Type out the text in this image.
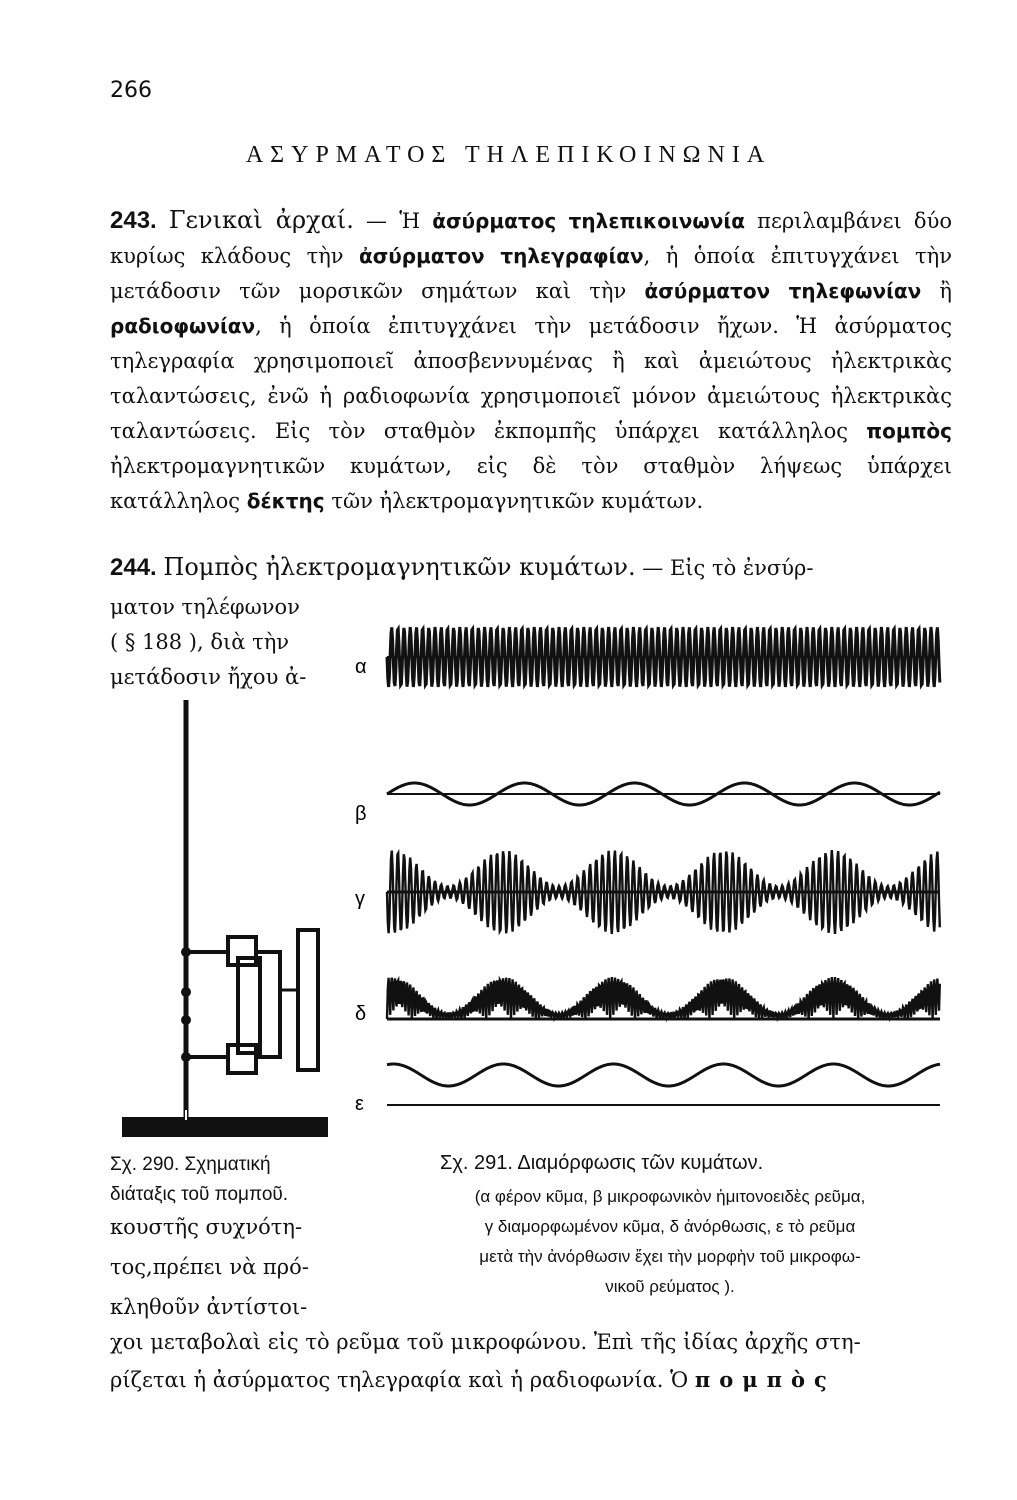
266
ΑΣΥΡΜΑΤΟΣ ΤΗΛΕΠΙΚΟΙΝΩΝΙΑ
243. Γενικαὶ ἀρχαί. — Ἡ ἀσύρματος τηλεπικοινωνία περιλαμβάνει δύο κυρίως κλάδους τὴν ἀσύρματον τηλεγραφίαν, ἡ ὁποία ἐπιτυγχάνει τὴν μετάδοσιν τῶν μορσικῶν σημάτων καὶ τὴν ἀσύρματον τηλεφωνίαν ἢ ραδιοφωνίαν, ἡ ὁποία ἐπιτυγχάνει τὴν μετάδοσιν ἤχων. Ἡ ἀσύρματος τηλεγραφία χρησιμοποιεῖ ἀποσβεννυμένας ἢ καὶ ἀμειώτους ἠλεκτρικὰς ταλαντώσεις, ἐνῶ ἡ ραδιοφωνία χρησιμοποιεῖ μόνον ἀμειώτους ἠλεκτρικὰς ταλαντώσεις. Εἰς τὸν σταθμὸν ἐκπομπῆς ὑπάρχει κατάλληλος πομπὸς ἠλεκτρομαγνητικῶν κυμάτων, εἰς δὲ τὸν σταθμὸν λήψεως ὑπάρχει κατάλληλος δέκτης τῶν ἠλεκτρομαγνητικῶν κυμάτων.
244. Πομπὸς ἠλεκτρομαγνητικῶν κυμάτων. — Εἰς τὸ ἐνσύρ-
ματον τηλέφωνον
( § 188 ), διὰ τὴν
μετάδοσιν ἤχου ἀ- α
β
γ
δ
ε
Σχ. 290. Σχηματική
διάταξις τοῦ πομποῦ.
Σχ. 291. Διαμόρφωσις τῶν κυμάτων.
(α φέρον κῦμα, β μικροφωνικὸν ἡμιτονοειδὲς ρεῦμα,
γ διαμορφωμένον κῦμα, δ ἀνόρθωσις, ε τὸ ρεῦμα
μετὰ τὴν ἀνόρθωσιν ἔχει τὴν μορφὴν τοῦ μικροφω-
νικοῦ ρεύματος ).
κουστῆς συχνότη-
τος,πρέπει νὰ πρό-
κληθοῦν ἀντίστοι-
χοι μεταβολαὶ εἰς τὸ ρεῦμα τοῦ μικροφώνου. Ἐπὶ τῆς ἰδίας ἀρχῆς στη-
ρίζεται ἡ ἀσύρματος τηλεγραφία καὶ ἡ ραδιοφωνία. Ὁ πομπὸς
